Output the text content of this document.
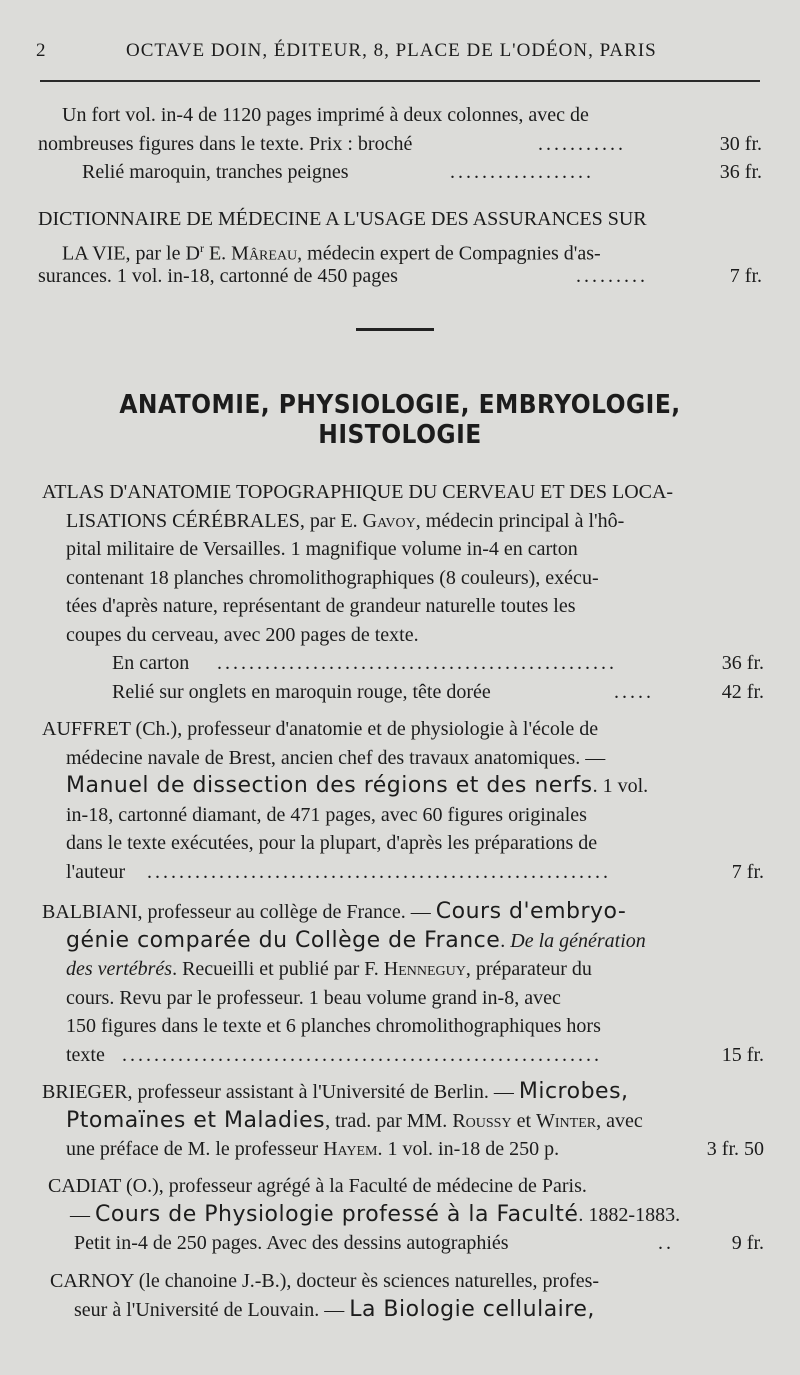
2	OCTAVE DOIN, ÉDITEUR, 8, PLACE DE L'ODÉON, PARIS
Un fort vol. in-4 de 1120 pages imprimé à deux colonnes, avec de
nombreuses figures dans le texte. Prix : broché	...........	30 fr.
Relié maroquin, tranches peignes	..................	36 fr.
DICTIONNAIRE DE MÉDECINE A L'USAGE DES ASSURANCES SUR
LA VIE, par le $D^r$ E. Mâreau, médecin expert de Compagnies d'as-
surances. 1 vol. in-18, cartonné de 450 pages	.........	7 fr.
ANATOMIE, PHYSIOLOGIE, EMBRYOLOGIE, HISTOLOGIE
ATLAS D'ANATOMIE TOPOGRAPHIQUE DU CERVEAU ET DES LOCA-
LISATIONS CÉRÉBRALES, par E. Gavoy, médecin principal à l'hô-
pital militaire de Versailles. 1 magnifique volume in-4 en carton
contenant 18 planches chromolithographiques (8 couleurs), exécu-
tées d'après nature, représentant de grandeur naturelle toutes les
coupes du cerveau, avec 200 pages de texte.
En carton ..................................................	36 fr.
Relié sur onglets en maroquin rouge, tête dorée	.....	42 fr.
AUFFRET (Ch.), professeur d'anatomie et de physiologie à l'école de
médecine navale de Brest, ancien chef des travaux anatomiques. —
Manuel de dissection des régions et des nerfs. 1 vol.
in-18, cartonné diamant, de 471 pages, avec 60 figures originales
dans le texte exécutées, pour la plupart, d'après les préparations de
l'auteur ..........................................................	7 fr.
BALBIANI, professeur au collège de France. — Cours d'embryo-
génie comparée du Collège de France. De la génération
des vertébrés. Recueilli et publié par F. Henneguy, préparateur du
cours. Revu par le professeur. 1 beau volume grand in-8, avec
150 figures dans le texte et 6 planches chromolithographiques hors
texte ............................................................	15 fr.
BRIEGER, professeur assistant à l'Université de Berlin. — Microbes,
Ptomaïnes et Maladies, trad. par MM. Roussy et Winter, avec
une préface de M. le professeur Hayem. 1 vol. in-18 de 250 p.	3 fr. 50
CADIAT (O.), professeur agrégé à la Faculté de médecine de Paris.
— Cours de Physiologie professé à la Faculté. 1882-1883.
Petit in-4 de 250 pages. Avec des dessins autographiés	..	9 fr.
CARNOY (le chanoine J.-B.), docteur ès sciences naturelles, profes-
seur à l'Université de Louvain. — La Biologie cellulaire,
